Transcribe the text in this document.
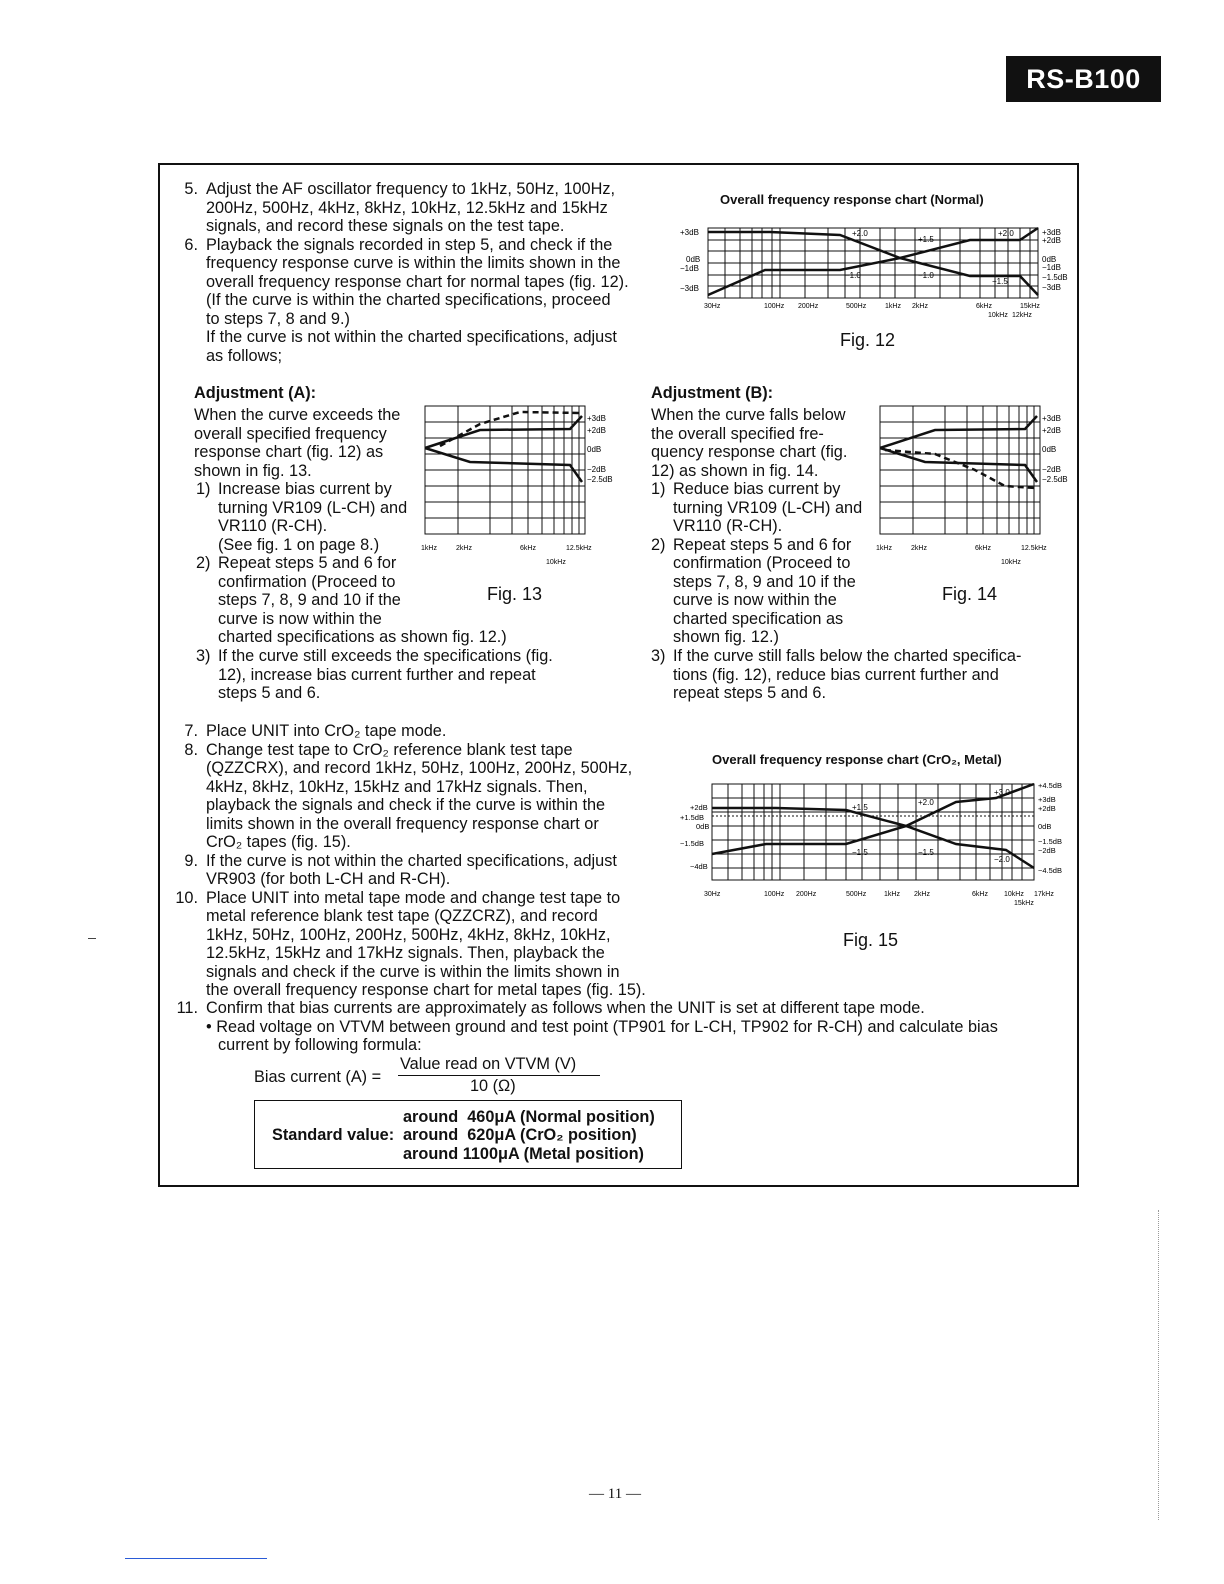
RS-B100
5. Adjust the AF oscillator frequency to 1kHz, 50Hz, 100Hz,
200Hz, 500Hz, 4kHz, 8kHz, 10kHz, 12.5kHz and 15kHz
signals, and record these signals on the test tape.
6. Playback the signals recorded in step 5, and check if the
frequency response curve is within the limits shown in the
overall frequency response chart for normal tapes (fig. 12).
(If the curve is within the charted specifications, proceed
to steps 7, 8 and 9.)
If the curve is not within the charted specifications, adjust
as follows;
Overall frequency response chart (Normal)
+3dB
0dB
−1dB
−3dB
+3dB
+2dB
0dB
−1dB
−1.5dB
−3dB
+2.0
+1.5
+2.0
−1.0	−1.0
−1.5
30Hz	100Hz 200Hz	500Hz	1kHz 2kHz	6kHz	15kHz
10kHz 12kHz
Fig. 12
Adjustment (A):
When the curve exceeds the
overall specified frequency
response chart (fig. 12) as
shown in fig. 13.
1) Increase bias current by
turning VR109 (L-CH) and
VR110 (R-CH).
(See fig. 1 on page 8.)
2) Repeat steps 5 and 6 for
confirmation (Proceed to
steps 7, 8, 9 and 10 if the
curve is now within the
charted specifications as shown fig. 12.)
3) If the curve still exceeds the specifications (fig.
12), increase bias current further and repeat
steps 5 and 6.
+3dB
+2dB
0dB
−2dB
−2.5dB
1kHz	2kHz	6kHz	12.5kHz
10kHz
Fig. 13
Adjustment (B):
When the curve falls below
the overall specified fre-
quency response chart (fig.
12) as shown in fig. 14.
1) Reduce bias current by
turning VR109 (L-CH) and
VR110 (R-CH).
2) Repeat steps 5 and 6 for
confirmation (Proceed to
steps 7, 8, 9 and 10 if the
curve is now within the
charted specification as
shown fig. 12.)
3) If the curve still falls below the charted specifica-
tions (fig. 12), reduce bias current further and
repeat steps 5 and 6.
+3dB
+2dB
0dB
−2dB
−2.5dB
1kHz	2kHz	6kHz	12.5kHz
10kHz
Fig. 14
7. Place UNIT into CrO₂ tape mode.
8. Change test tape to CrO₂ reference blank test tape
(QZZCRX), and record 1kHz, 50Hz, 100Hz, 200Hz, 500Hz,
4kHz, 8kHz, 10kHz, 15kHz and 17kHz signals. Then,
playback the signals and check if the curve is within the
limits shown in the overall frequency response chart or
CrO₂ tapes (fig. 15).
9. If the curve is not within the charted specifications, adjust
VR903 (for both L-CH and R-CH).
10. Place UNIT into metal tape mode and change test tape to
metal reference blank test tape (QZZCRZ), and record
1kHz, 50Hz, 100Hz, 200Hz, 500Hz, 4kHz, 8kHz, 10kHz,
12.5kHz, 15kHz and 17kHz signals. Then, playback the
signals and check if the curve is within the limits shown in
the overall frequency response chart for metal tapes (fig. 15).
Overall frequency response chart (CrO₂, Metal)
+2dB
+1.5dB
0dB
−1.5dB
−4dB
+4.5dB
+3dB
+2dB
0dB
−1.5dB
−2dB
−4.5dB
+3.0
+1.5
+2.0
−1.5	−1.5
−2.0
30Hz	100Hz 200Hz	500Hz	1kHz 2kHz	6kHz 10kHz 17kHz
15kHz
Fig. 15
11. Confirm that bias currents are approximately as follows when the UNIT is set at different tape mode.
• Read voltage on VTVM between ground and test point (TP901 for L-CH, TP902 for R-CH) and calculate bias
current by following formula:
Bias current (A) =
Value read on VTVM (V)
10 (Ω)
Standard value:
around  460μA (Normal position)
around  620μA (CrO₂ position)
around 1100μA (Metal position)
— 11 —
